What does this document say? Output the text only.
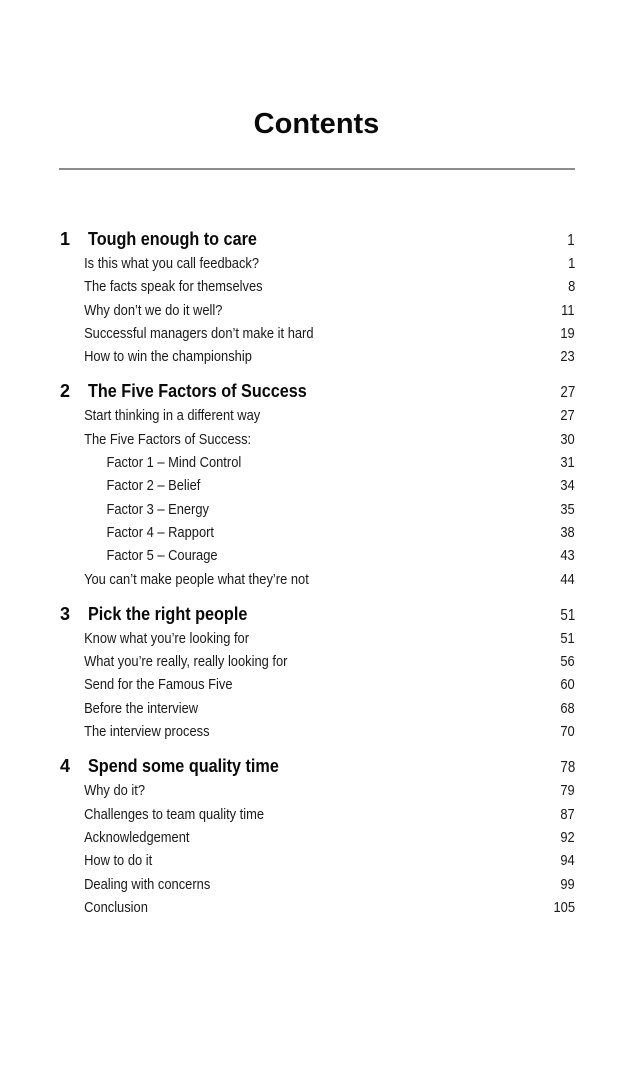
Contents
1 Tough enough to care	1
Is this what you call feedback?	1
The facts speak for themselves	8
Why don’t we do it well?	11
Successful managers don’t make it hard	19
How to win the championship	23
2 The Five Factors of Success	27
Start thinking in a different way	27
The Five Factors of Success:	30
Factor 1 – Mind Control	31
Factor 2 – Belief	34
Factor 3 – Energy	35
Factor 4 – Rapport	38
Factor 5 – Courage	43
You can’t make people what they’re not	44
3 Pick the right people	51
Know what you’re looking for	51
What you’re really, really looking for	56
Send for the Famous Five	60
Before the interview	68
The interview process	70
4 Spend some quality time	78
Why do it?	79
Challenges to team quality time	87
Acknowledgement	92
How to do it	94
Dealing with concerns	99
Conclusion	105
